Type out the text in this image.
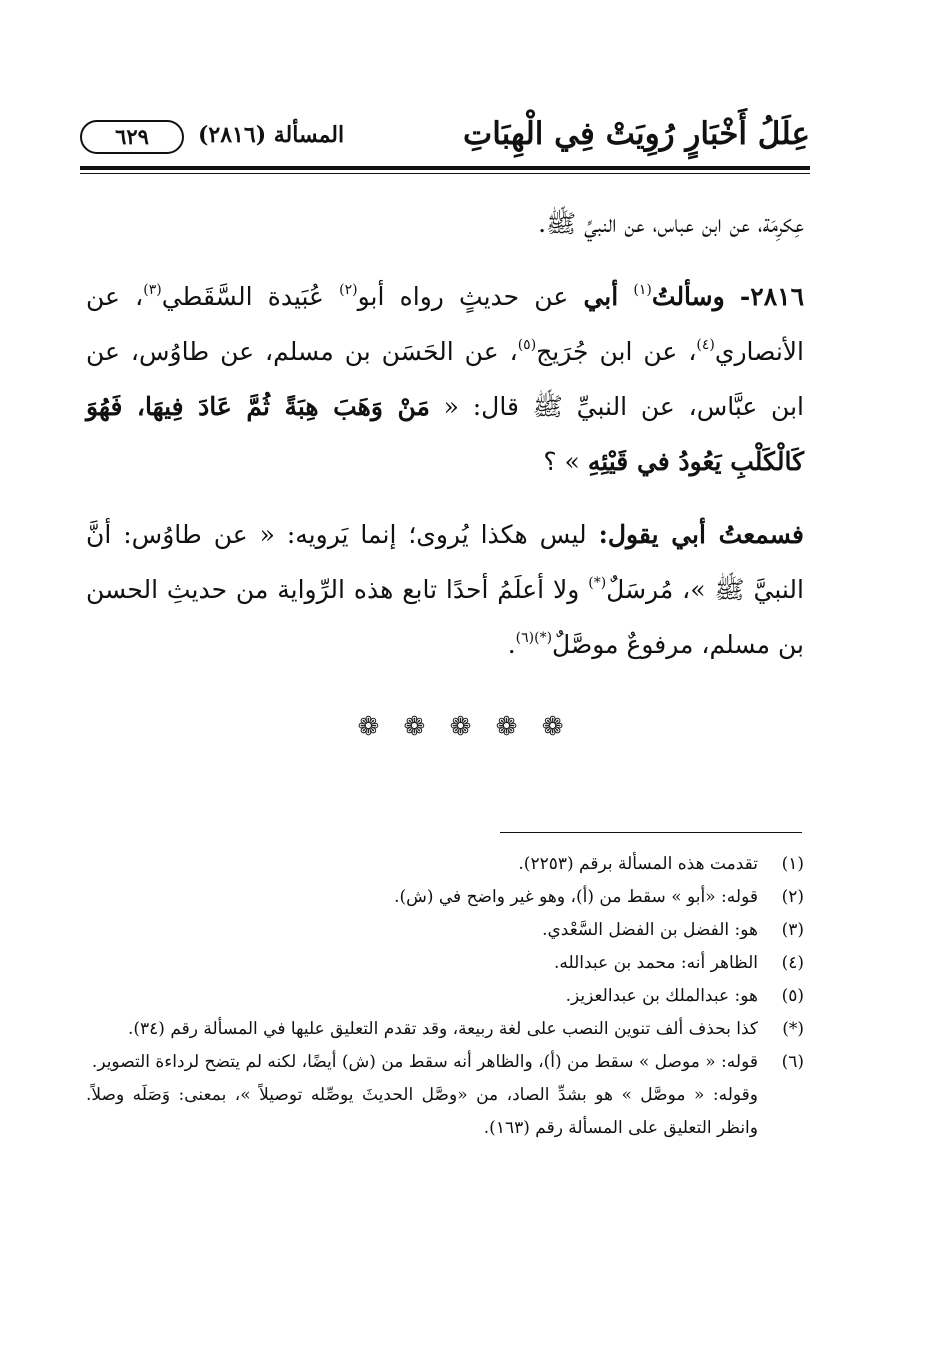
عِلَلُ أَخْبَارٍ رُوِيَتْ فِي الْهِبَاتِ
المسألة (٢٨١٦)
٦٢٩

عِكرِمَة، عن ابن عباس، عن النبيِّ ﷺ.

٢٨١٦- وسألتُ$^{(١)}$ أبي عن حديثٍ رواه أبو$^{(٢)}$ عُبَيدة السَّقَطي$^{(٣)}$، عن الأنصاري$^{(٤)}$، عن ابن جُرَيج$^{(٥)}$، عن الحَسَن بن مسلم، عن طاوُس، عن ابن عبَّاس، عن النبيِّ ﷺ قال: « مَنْ وَهَبَ هِبَةً ثُمَّ عَادَ فِيهَا، فَهُوَ كَالْكَلْبِ يَعُودُ في قَيْئِهِ » ؟

فسمعتُ أبي يقول: ليس هكذا يُروى؛ إنما يَرويه: « عن طاوُس: أنَّ النبيَّ ﷺ »، مُرسَلٌ(*) ولا أعلَمُ أحدًا تابع هذه الرِّواية من حديثِ الحسن بن مسلم، مرفوعٌ موصَّلٌ$^{(*)(٦)}$.

❁ ❁ ❁ ❁ ❁
(١)
تقدمت هذه المسألة برقم (٢٢٥٣).
(٢)
قوله: «أبو » سقط من (أ)، وهو غير واضح في (ش).
(٣)
هو: الفضل بن الفضل السَّعْدي.
(٤)
الظاهر أنه: محمد بن عبدالله.
(٥)
هو: عبدالملك بن عبدالعزيز.
(*)
كذا بحذف ألف تنوين النصب على لغة ربيعة، وقد تقدم التعليق عليها في المسألة رقم (٣٤).
(٦)
قوله: « موصل » سقط من (أ)، والظاهر أنه سقط من (ش) أيضًا، لكنه لم يتضح لرداءة التصوير.
وقوله: « موصَّل » هو بشدِّ الصاد، من «وصَّل الحديثَ يوصِّله توصيلاً »، بمعنى: وَصَلَه وصلاً. وانظر التعليق على المسألة رقم (١٦٣).
